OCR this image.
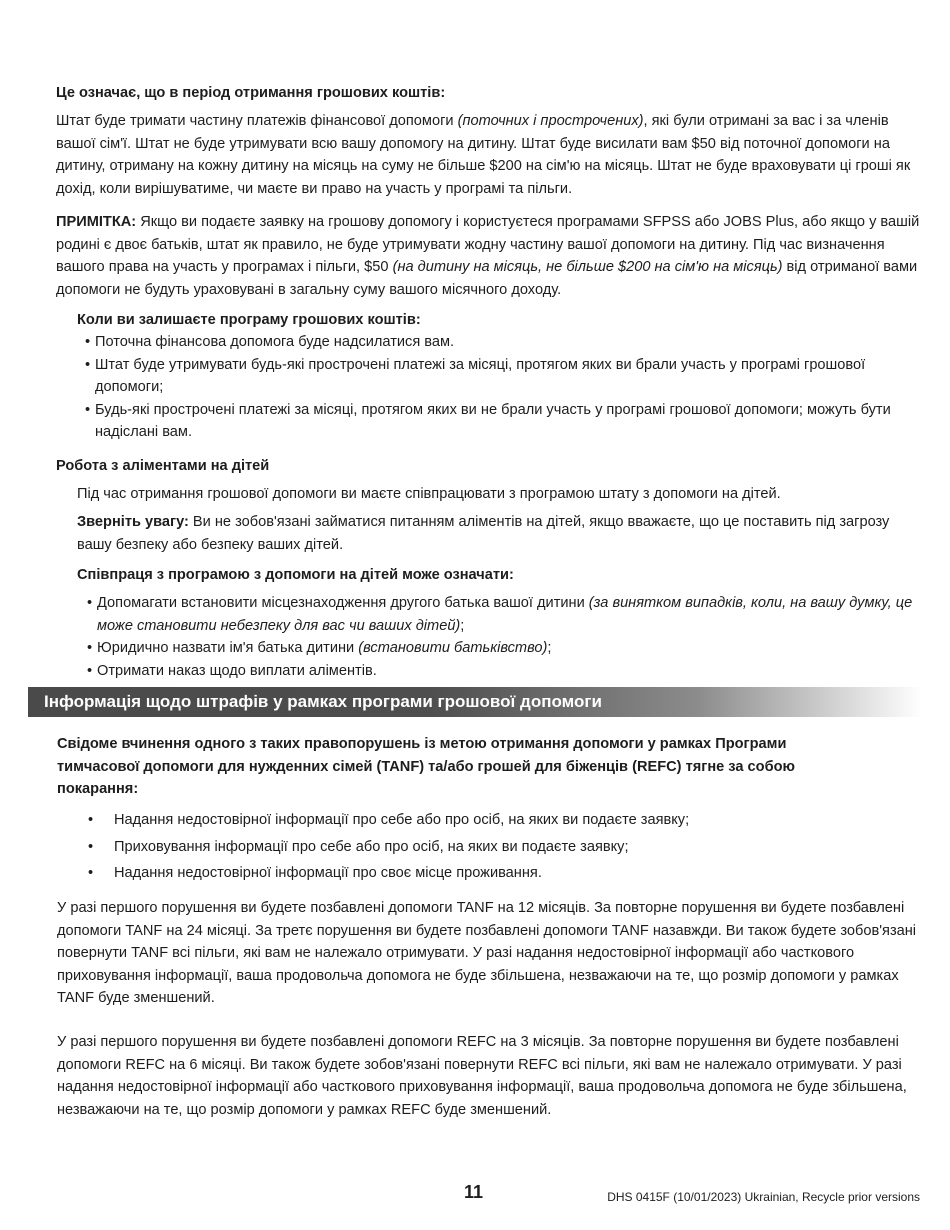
Це означає, що в період отримання грошових коштів:

Штат буде тримати частину платежів фінансової допомоги (поточних і прострочених), які були отримані за вас і за членів вашої сім'ї. Штат не буде утримувати всю вашу допомогу на дитину. Штат буде висилати вам $50 від поточної допомоги на дитину, отриману на кожну дитину на місяць на суму не більше $200 на сім'ю на місяць. Штат не буде враховувати ці гроші як дохід, коли вирішуватиме, чи маєте ви право на участь у програмі та пільги.

ПРИМІТКА: Якщо ви подаєте заявку на грошову допомогу і користуєтеся програмами SFPSS або JOBS Plus, або якщо у вашій родині є двоє батьків, штат як правило, не буде утримувати жодну частину вашої допомоги на дитину. Під час визначення вашого права на участь у програмах і пільги, $50 (на дитину на місяць, не більше $200 на сім'ю на місяць) від отриманої вами допомоги не будуть ураховувані в загальну суму вашого місячного доходу.

Коли ви залишаєте програму грошових коштів:

• Поточна фінансова допомога буде надсилатися вам.
• Штат буде утримувати будь-які прострочені платежі за місяці, протягом яких ви брали участь у програмі грошової допомоги;
• Будь-які прострочені платежі за місяці, протягом яких ви не брали участь у програмі грошової допомоги; можуть бути надіслані вам.

Робота з аліментами на дітей

Під час отримання грошової допомоги ви маєте співпрацювати з програмою штату з допомоги на дітей.

Зверніть увагу: Ви не зобов'язані займатися питанням аліментів на дітей, якщо вважаєте, що це поставить під загрозу вашу безпеку або безпеку ваших дітей.

Співпраця з програмою з допомоги на дітей може означати:

• Допомагати встановити місцезнаходження другого батька вашої дитини (за винятком випадків, коли, на вашу думку, це може становити небезпеку для вас чи ваших дітей);
• Юридично назвати ім'я батька дитини (встановити батьківство);
• Отримати наказ щодо виплати аліментів.
Інформація щодо штрафів у рамках програми грошової допомоги

Свідоме вчинення одного з таких правопорушень із метою отримання допомоги у рамках Програми тимчасової допомоги для нужденних сімей (TANF) та/або грошей для біженців (REFC) тягне за собою покарання:

• Надання недостовірної інформації про себе або про осіб, на яких ви подаєте заявку;
• Приховування інформації про себе або про осіб, на яких ви подаєте заявку;
• Надання недостовірної інформації про своє місце проживання.

У разі першого порушення ви будете позбавлені допомоги TANF на 12 місяців. За повторне порушення ви будете позбавлені допомоги TANF на 24 місяці. За третє порушення ви будете позбавлені допомоги TANF назавжди. Ви також будете зобов'язані повернути TANF всі пільги, які вам не належало отримувати. У разі надання недостовірної інформації або часткового приховування інформації, ваша продовольча допомога не буде збільшена, незважаючи на те, що розмір допомоги у рамках TANF буде зменшений.

У разі першого порушення ви будете позбавлені допомоги REFC на 3 місяців. За повторне порушення ви будете позбавлені допомоги REFC на 6 місяці. Ви також будете зобов'язані повернути REFC всі пільги, які вам не належало отримувати. У разі надання недостовірної інформації або часткового приховування інформації, ваша продовольча допомога не буде збільшена, незважаючи на те, що розмір допомоги у рамках REFC буде зменшений.

11	DHS 0415F (10/01/2023) Ukrainian, Recycle prior versions
